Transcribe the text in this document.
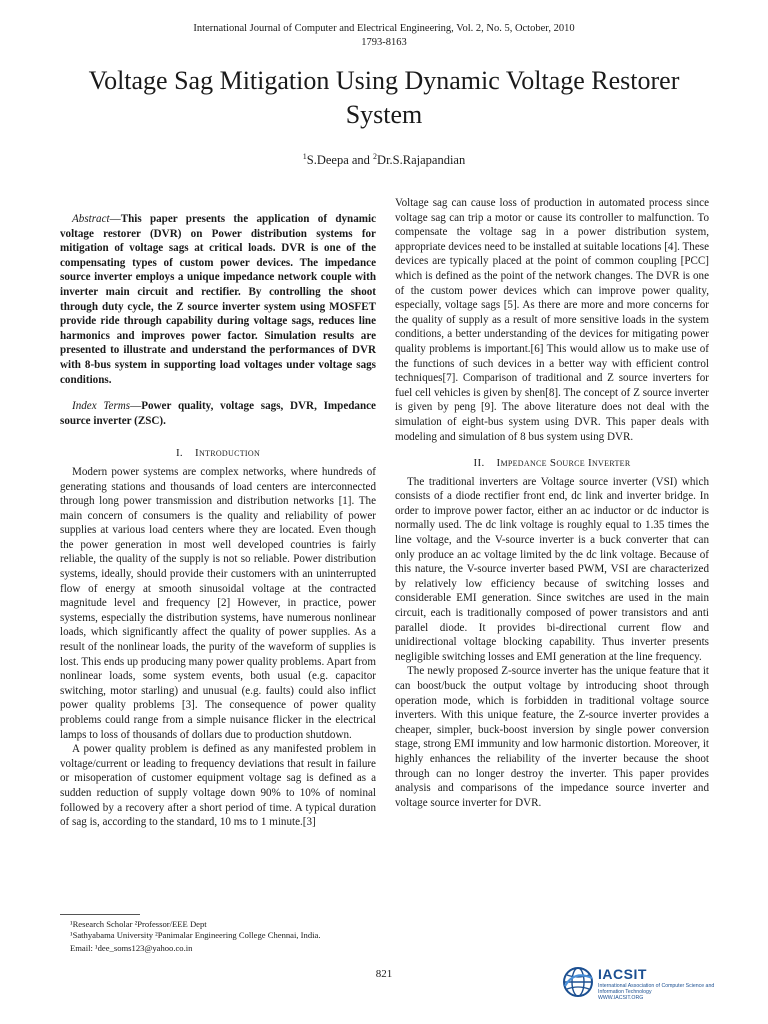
International Journal of Computer and Electrical Engineering, Vol. 2, No. 5, October, 2010
1793-8163
Voltage Sag Mitigation Using Dynamic Voltage Restorer System
$^1$S.Deepa and $^2$Dr.S.Rajapandian

Abstract—This paper presents the application of dynamic voltage restorer (DVR) on Power distribution systems for mitigation of voltage sags at critical loads. DVR is one of the compensating types of custom power devices. The impedance source inverter employs a unique impedance network couple with inverter main circuit and rectifier. By controlling the shoot through duty cycle, the Z source inverter system using MOSFET provide ride through capability during voltage sags, reduces line harmonics and improves power factor. Simulation results are presented to illustrate and understand the performances of DVR with 8-bus system in supporting load voltages under voltage sags conditions.

Index Terms—Power quality, voltage sags, DVR, Impedance source inverter (ZSC).

I. Introduction

Modern power systems are complex networks, where hundreds of generating stations and thousands of load centers are interconnected through long power transmission and distribution networks [1]. The main concern of consumers is the quality and reliability of power supplies at various load centers where they are located. Even though the power generation in most well developed countries is fairly reliable, the quality of the supply is not so reliable. Power distribution systems, ideally, should provide their customers with an uninterrupted flow of energy at smooth sinusoidal voltage at the contracted magnitude level and frequency [2] However, in practice, power systems, especially the distribution systems, have numerous nonlinear loads, which significantly affect the quality of power supplies. As a result of the nonlinear loads, the purity of the waveform of supplies is lost. This ends up producing many power quality problems. Apart from nonlinear loads, some system events, both usual (e.g. capacitor switching, motor starling) and unusual (e.g. faults) could also inflict power quality problems [3]. The consequence of power quality problems could range from a simple nuisance flicker in the electrical lamps to loss of thousands of dollars due to production shutdown.

A power quality problem is defined as any manifested problem in voltage/current or leading to frequency deviations that result in failure or misoperation of customer equipment voltage sag is defined as a sudden reduction of supply voltage down 90% to 10% of nominal followed by a recovery after a short period of time. A typical duration of sag is, according to the standard, 10 ms to 1 minute.[3]

Voltage sag can cause loss of production in automated process since voltage sag can trip a motor or cause its controller to malfunction. To compensate the voltage sag in a power distribution system, appropriate devices need to be installed at suitable locations [4]. These devices are typically placed at the point of common coupling [PCC] which is defined as the point of the network changes. The DVR is one of the custom power devices which can improve power quality, especially, voltage sags [5]. As there are more and more concerns for the quality of supply as a result of more sensitive loads in the system conditions, a better understanding of the devices for mitigating power quality problems is important.[6] This would allow us to make use of the functions of such devices in a better way with efficient control techniques[7]. Comparison of traditional and Z source inverters for fuel cell vehicles is given by shen[8]. The concept of Z source inverter is given by peng [9]. The above literature does not deal with the simulation of eight-bus system using DVR. This paper deals with modeling and simulation of 8 bus system using DVR.

II. Impedance Source Inverter

The traditional inverters are Voltage source inverter (VSI) which consists of a diode rectifier front end, dc link and inverter bridge. In order to improve power factor, either an ac inductor or dc inductor is normally used. The dc link voltage is roughly equal to 1.35 times the line voltage, and the V-source inverter is a buck converter that can only produce an ac voltage limited by the dc link voltage. Because of this nature, the V-source inverter based PWM, VSI are characterized by relatively low efficiency because of switching losses and considerable EMI generation. Since switches are used in the main circuit, each is traditionally composed of power transistors and anti parallel diode. It provides bi-directional current flow and unidirectional voltage blocking capability. Thus inverter presents negligible switching losses and EMI generation at the line frequency.

The newly proposed Z-source inverter has the unique feature that it can boost/buck the output voltage by introducing shoot through operation mode, which is forbidden in traditional voltage source inverters. With this unique feature, the Z-source inverter provides a cheaper, simpler, buck-boost inversion by single power conversion stage, strong EMI immunity and low harmonic distortion. Moreover, it highly enhances the reliability of the inverter because the shoot through can no longer destroy the inverter. This paper provides analysis and comparisons of the impedance source inverter and voltage source inverter for DVR.

¹Research Scholar ²Professor/EEE Dept
¹Sathyabama University ²Panimalar Engineering College Chennai, India.
Email: ¹dee_soms123@yahoo.co.in
821	IACSIT
International Association of Computer Science and Information Technology
WWW.IACSIT.ORG
